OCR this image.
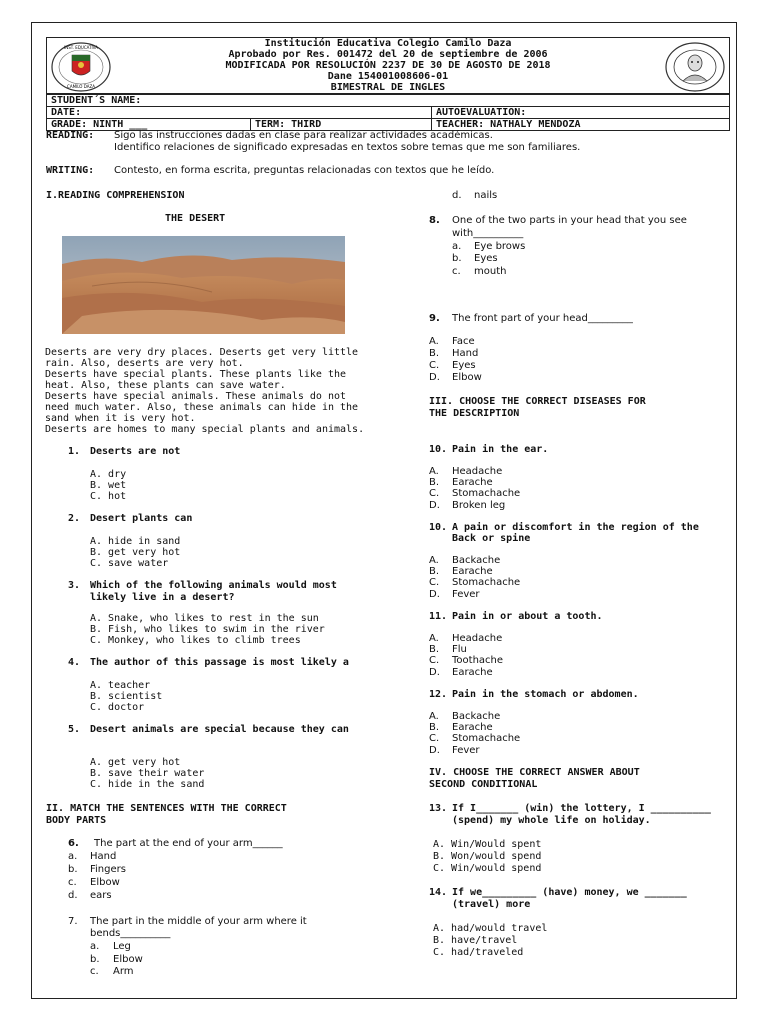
CAMILO DAZA
INST. EDUCATIVA	Institución Educativa Colegio Camilo Daza
Aprobado por Res. 001472 del 20 de septiembre de 2006
MODIFICADA POR RESOLUCIÓN 2237 DE 30 DE AGOSTO DE 2018
Dane 154001008606-01
BIMESTRAL DE INGLES
STUDENT´S NAME:		
DATE:		AUTOEVALUATION:
GRADE: NINTH ___	TERM: THIRD	TEACHER: NATHALY MENDOZA
READING: Sigo las instrucciones dadas en clase para realizar actividades académicas.
Identifico relaciones de significado expresadas en textos sobre temas que me son familiares.
WRITING: Contesto, en forma escrita, preguntas relacionadas con textos que he leído.
I.READING COMPREHENSION
THE DESERT
Deserts are very dry places. Deserts get very little rain. Also, deserts are very hot.
Deserts have special plants. These plants like the heat. Also, these plants can save water.
Deserts have special animals. These animals do not need much water. Also, these animals can hide in the sand when it is very hot.
Deserts are homes to many special plants and animals.
1. Deserts are not
A. dry
B. wet
C. hot
2. Desert plants can
A. hide in sand
B. get very hot
C. save water
3. Which of the following animals would most likely live in a desert?
A. Snake, who likes to rest in the sun
B. Fish, who likes to swim in the river
C. Monkey, who likes to climb trees
4. The author of this passage is most likely a
A. teacher
B. scientist
C. doctor
5. Desert animals are special because they can
A. get very hot
B. save their water
C. hide in the sand
II. MATCH THE SENTENCES WITH THE CORRECT
BODY PARTS
6. The part at the end of your arm______
a. Hand
b. Fingers
c. Elbow
d. ears
7. The part in the middle of your arm where it
bends__________
a. Leg
b. Elbow
c. Arm
d. nails
8. One of the two parts in your head that you see
with__________
a. Eye brows
b. Eyes
c. mouth
9. The front part of your head_________
A. Face
B. Hand
C. Eyes
D. Elbow
III. CHOOSE THE CORRECT DISEASES FOR
THE DESCRIPTION
10. Pain in the ear.
A. Headache
B. Earache
C. Stomachache
D. Broken leg
10. A pain or discomfort in the region of the
Back or spine
A. Backache
B. Earache
C. Stomachache
D. Fever
11. Pain in or about a tooth.
A. Headache
B. Flu
C. Toothache
D. Earache
12. Pain in the stomach or abdomen.
A. Backache
B. Earache
C. Stomachache
D. Fever
IV. CHOOSE THE CORRECT ANSWER ABOUT
SECOND CONDITIONAL
13. If I_______ (win) the lottery, I __________
(spend) my whole life on holiday.
A. Win/Would spent
B. Won/would spend
C. Win/would spend
14. If we_________ (have) money, we _______
(travel) more
A. had/would travel
B. have/travel
C. had/traveled
